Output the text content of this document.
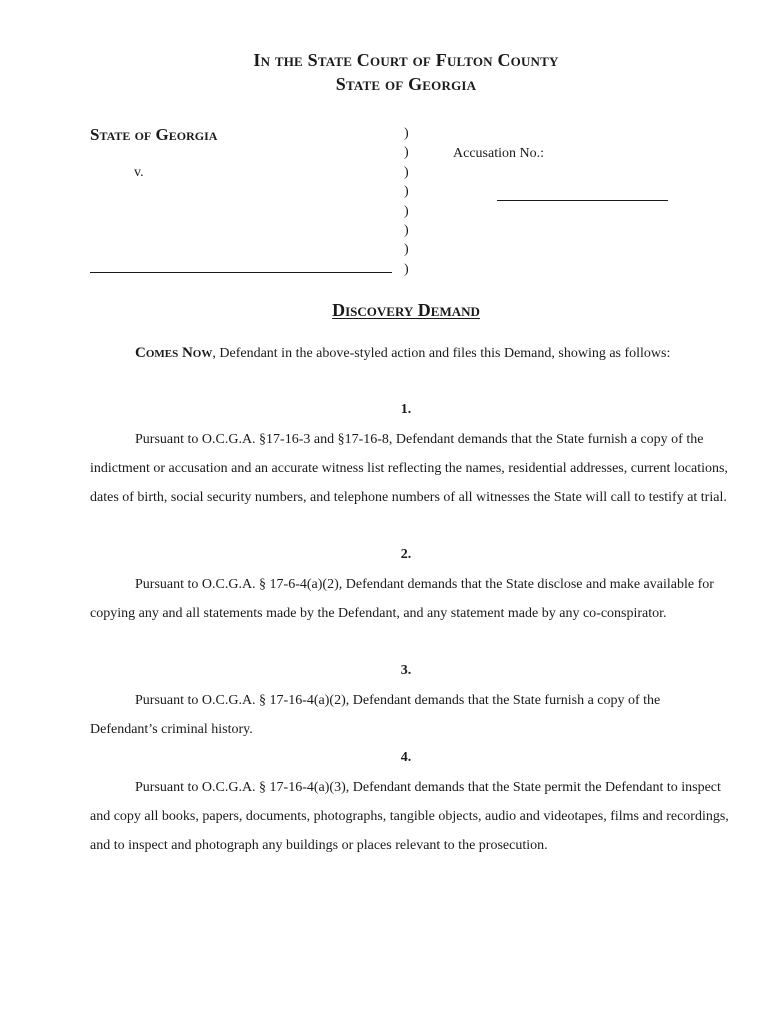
In the State Court of Fulton County
State of Georgia
State of Georgia
v.
)
)
)
)
)
)
)
)
Accusation No.:
Discovery Demand

Comes Now, Defendant in the above-styled action and files this Demand, showing as follows:

1.

Pursuant to O.C.G.A. §17-16-3 and §17-16-8, Defendant demands that the State furnish a copy of the indictment or accusation and an accurate witness list reflecting the names, residential addresses, current locations, dates of birth, social security numbers, and telephone numbers of all witnesses the State will call to testify at trial.

2.

Pursuant to O.C.G.A. § 17-6-4(a)(2), Defendant demands that the State disclose and make available for copying any and all statements made by the Defendant, and any statement made by any co-conspirator.

3.

Pursuant to O.C.G.A. § 17-16-4(a)(2), Defendant demands that the State furnish a copy of the Defendant’s criminal history.

4.

Pursuant to O.C.G.A. § 17-16-4(a)(3), Defendant demands that the State permit the Defendant to inspect and copy all books, papers, documents, photographs, tangible objects, audio and videotapes, films and recordings, and to inspect and photograph any buildings or places relevant to the prosecution.
